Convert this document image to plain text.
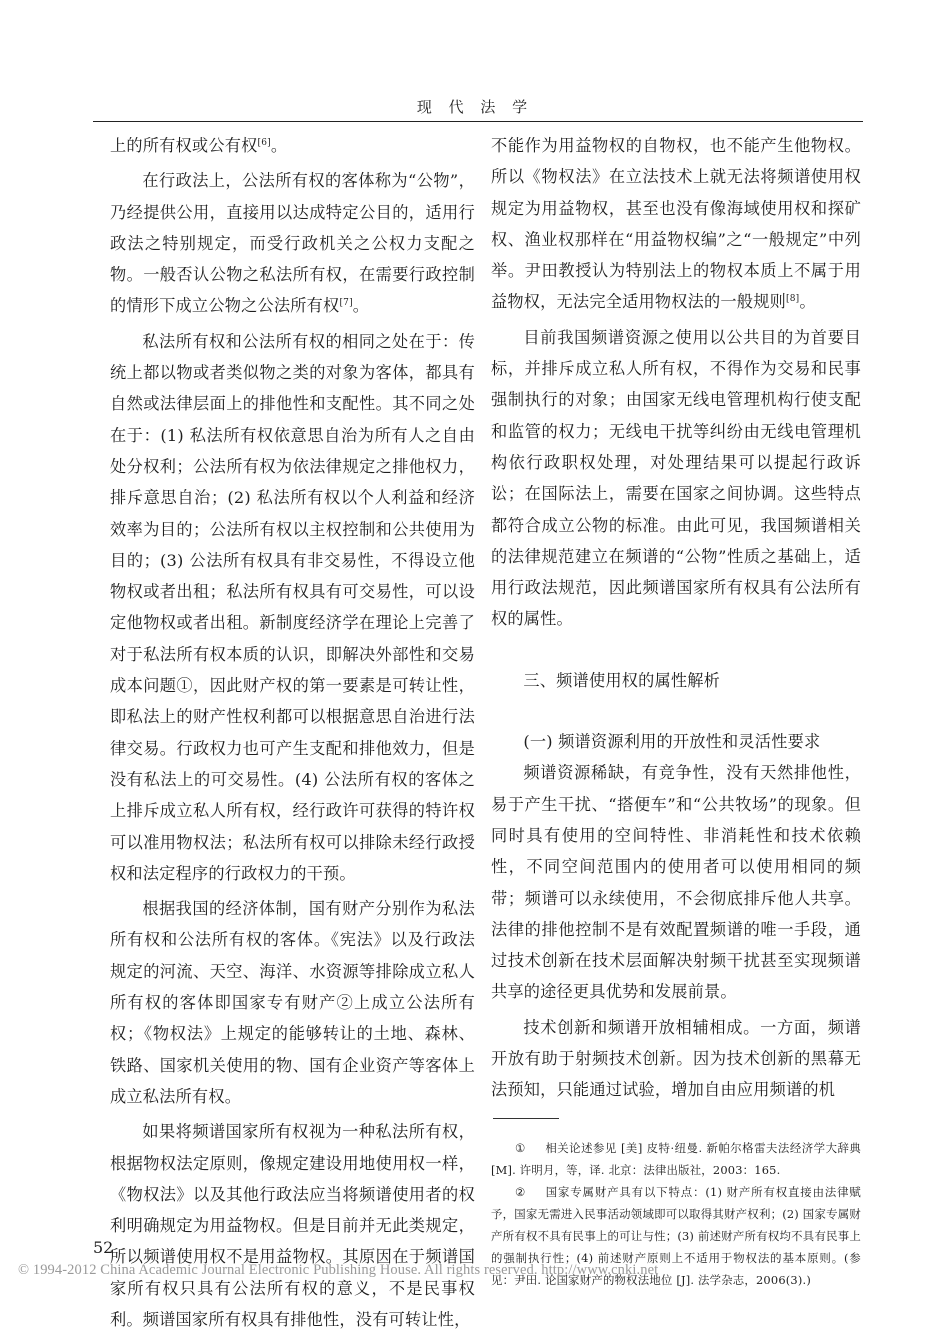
现 代 法 学

上的所有权或公有权[6]。

在行政法上，公法所有权的客体称为“公物”，乃经提供公用，直接用以达成特定公目的，适用行政法之特别规定，而受行政机关之公权力支配之物。一般否认公物之私法所有权，在需要行政控制的情形下成立公物之公法所有权[7]。

私法所有权和公法所有权的相同之处在于：传统上都以物或者类似物之类的对象为客体，都具有自然或法律层面上的排他性和支配性。其不同之处在于：(1) 私法所有权依意思自治为所有人之自由处分权利；公法所有权为依法律规定之排他权力，排斥意思自治；(2) 私法所有权以个人利益和经济效率为目的；公法所有权以主权控制和公共使用为目的；(3) 公法所有权具有非交易性，不得设立他物权或者出租；私法所有权具有可交易性，可以设定他物权或者出租。新制度经济学在理论上完善了对于私法所有权本质的认识，即解决外部性和交易成本问题①，因此财产权的第一要素是可转让性，即私法上的财产性权利都可以根据意思自治进行法律交易。行政权力也可产生支配和排他效力，但是没有私法上的可交易性。(4) 公法所有权的客体之上排斥成立私人所有权，经行政许可获得的特许权可以准用物权法；私法所有权可以排除未经行政授权和法定程序的行政权力的干预。

根据我国的经济体制，国有财产分别作为私法所有权和公法所有权的客体。《宪法》以及行政法规定的河流、天空、海洋、水资源等排除成立私人所有权的客体即国家专有财产②上成立公法所有权；《物权法》上规定的能够转让的土地、森林、铁路、国家机关使用的物、国有企业资产等客体上成立私法所有权。

如果将频谱国家所有权视为一种私法所有权，根据物权法定原则，像规定建设用地使用权一样，《物权法》以及其他行政法应当将频谱使用者的权利明确规定为用益物权。但是目前并无此类规定，所以频谱使用权不是用益物权。其原因在于频谱国家所有权只具有公法所有权的意义，不是民事权利。频谱国家所有权具有排他性，没有可转让性，

不能作为用益物权的自物权，也不能产生他物权。所以《物权法》在立法技术上就无法将频谱使用权规定为用益物权，甚至也没有像海域使用权和探矿权、渔业权那样在“用益物权编”之“一般规定”中列举。尹田教授认为特别法上的物权本质上不属于用益物权，无法完全适用物权法的一般规则[8]。

目前我国频谱资源之使用以公共目的为首要目标，并排斥成立私人所有权，不得作为交易和民事强制执行的对象；由国家无线电管理机构行使支配和监管的权力；无线电干扰等纠纷由无线电管理机构依行政职权处理，对处理结果可以提起行政诉讼；在国际法上，需要在国家之间协调。这些特点都符合成立公物的标准。由此可见，我国频谱相关的法律规范建立在频谱的“公物”性质之基础上，适用行政法规范，因此频谱国家所有权具有公法所有权的属性。

三、频谱使用权的属性解析

(一) 频谱资源利用的开放性和灵活性要求

频谱资源稀缺，有竞争性，没有天然排他性，易于产生干扰、“搭便车”和“公共牧场”的现象。但同时具有使用的空间特性、非消耗性和技术依赖性，不同空间范围内的使用者可以使用相同的频带；频谱可以永续使用，不会彻底排斥他人共享。法律的排他控制不是有效配置频谱的唯一手段，通过技术创新在技术层面解决射频干扰甚至实现频谱共享的途径更具优势和发展前景。

技术创新和频谱开放相辅相成。一方面，频谱开放有助于射频技术创新。因为技术创新的黑幕无法预知，只能通过试验，增加自由应用频谱的机

① 相关论述参见 [美] 皮特·纽曼. 新帕尔格雷夫法经济学大辞典 [M]. 许明月，等，译. 北京：法律出版社，2003：165.

② 国家专属财产具有以下特点：(1) 财产所有权直接由法律赋予，国家无需进入民事活动领域即可以取得其财产权利；(2) 国家专属财产所有权不具有民事上的可让与性；(3) 前述财产所有权均不具有民事上的强制执行性；(4) 前述财产原则上不适用于物权法的基本原则。(参见：尹田. 论国家财产的物权法地位 [J]. 法学杂志，2006(3).)

52
© 1994-2012 China Academic Journal Electronic Publishing House. All rights reserved. http://www.cnki.net
